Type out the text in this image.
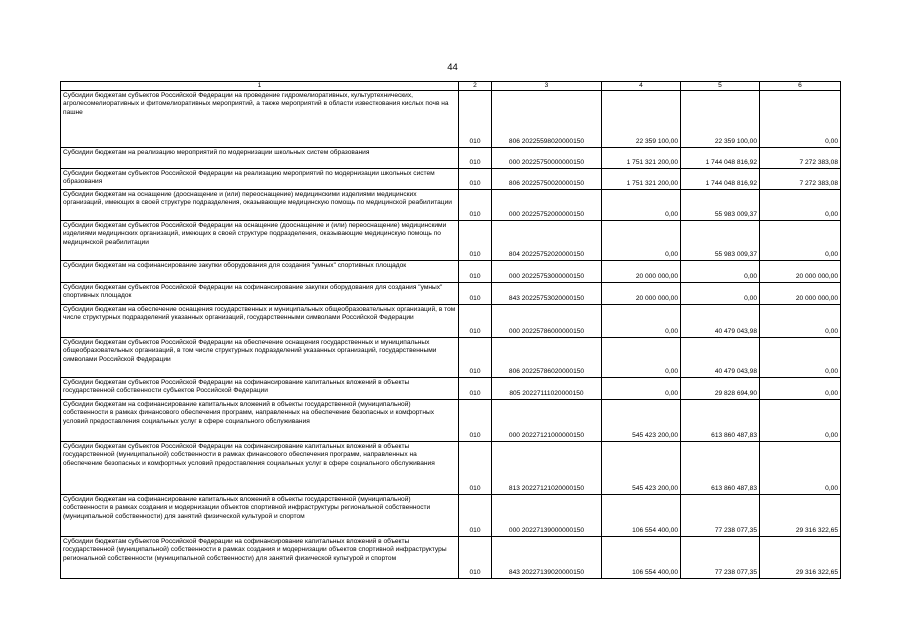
44
1	2	3	4	5	6
Субсидии бюджетам субъектов Российской Федерации на проведение гидромелиоративных, культуртехнических, агролесомелиоративных и фитомелиоративных мероприятий, а также мероприятий в области известкования кислых почв на пашне	010	806 20225598020000150	22 359 100,00	22 359 100,00	0,00
Субсидии бюджетам на реализацию мероприятий по модернизации школьных систем образования	010	000 20225750000000150	1 751 321 200,00	1 744 048 816,92	7 272 383,08
Субсидии бюджетам субъектов Российской Федерации на реализацию мероприятий по модернизации школьных систем образования	010	806 20225750020000150	1 751 321 200,00	1 744 048 816,92	7 272 383,08
Субсидии бюджетам на оснащение (дооснащение и (или) переоснащение) медицинскими изделиями медицинских организаций, имеющих в своей структуре подразделения, оказывающие медицинскую помощь по медицинской реабилитации	010	000 20225752000000150	0,00	55 983 009,37	0,00
Субсидии бюджетам субъектов Российской Федерации на оснащение (дооснащение и (или) переоснащение) медицинскими изделиями медицинских организаций, имеющих в своей структуре подразделения, оказывающие медицинскую помощь по медицинской реабилитации	010	804 20225752020000150	0,00	55 983 009,37	0,00
Субсидии бюджетам на софинансирование закупки оборудования для создания "умных" спортивных площадок	010	000 20225753000000150	20 000 000,00	0,00	20 000 000,00
Субсидии бюджетам субъектов Российской Федерации на софинансирование закупки оборудования для создания "умных" спортивных площадок	010	843 20225753020000150	20 000 000,00	0,00	20 000 000,00
Субсидии бюджетам на обеспечение оснащения государственных и муниципальных общеобразовательных организаций, в том числе структурных подразделений указанных организаций, государственными символами Российской Федерации	010	000 20225786000000150	0,00	40 479 043,98	0,00
Субсидии бюджетам субъектов Российской Федерации на обеспечение оснащения государственных и муниципальных общеобразовательных организаций, в том числе структурных подразделений указанных организаций, государственными символами Российской Федерации	010	806 20225786020000150	0,00	40 479 043,98	0,00
Субсидии бюджетам субъектов Российской Федерации на софинансирование капитальных вложений в объекты государственной собственности субъектов Российской Федерации	010	805 20227111020000150	0,00	29 828 694,90	0,00
Субсидии бюджетам на софинансирование капитальных вложений в объекты государственной (муниципальной) собственности в рамках финансового обеспечения программ, направленных на обеспечение безопасных и комфортных условий предоставления социальных услуг в сфере социального обслуживания	010	000 20227121000000150	545 423 200,00	613 860 487,83	0,00
Субсидии бюджетам субъектов Российской Федерации на софинансирование капитальных вложений в объекты государственной (муниципальной) собственности в рамках финансового обеспечения программ, направленных на обеспечение безопасных и комфортных условий предоставления социальных услуг в сфере социального обслуживания	010	813 20227121020000150	545 423 200,00	613 860 487,83	0,00
Субсидии бюджетам на софинансирование капитальных вложений в объекты государственной (муниципальной) собственности в рамках создания и модернизации объектов спортивной инфраструктуры региональной собственности (муниципальной собственности) для занятий физической культурой и спортом	010	000 20227139000000150	106 554 400,00	77 238 077,35	29 316 322,65
Субсидии бюджетам субъектов Российской Федерации на софинансирование капитальных вложений в объекты государственной (муниципальной) собственности в рамках создания и модернизации объектов спортивной инфраструктуры региональной собственности (муниципальной собственности) для занятий физической культурой и спортом	010	843 20227139020000150	106 554 400,00	77 238 077,35	29 316 322,65
